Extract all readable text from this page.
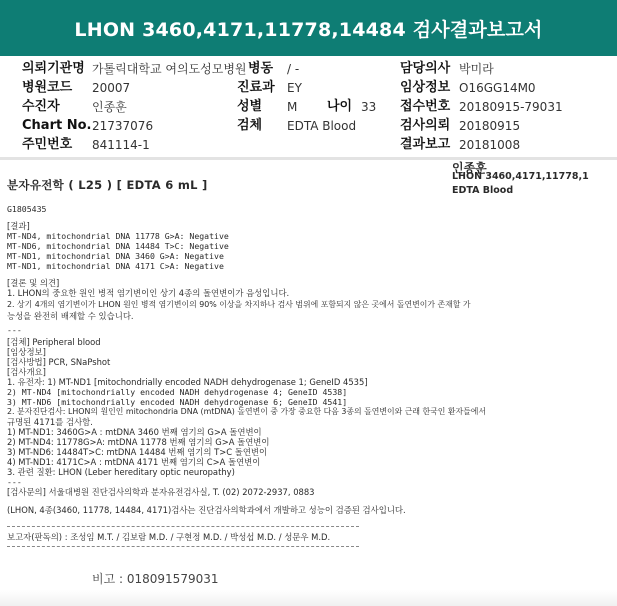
LHON 3460,4171,11778,14484 검사결과보고서
의뢰기관명 가톨릭대학교 여의도성모병원 병동 / -	담당의사 박미라
병원코드 20007	진료과 EY	임상정보 O16GG14M0
수진자	인종훈	성별 M 나이 33 접수번호 20180915-79031
Chart No. 21737076	검체 EDTA Blood	검사의뢰 20180915
주민번호 841114-1	결과보고 20181008
분자유전학 ( L25 ) [ EDTA 6 mL ]
인종훈
LHON 3460,4171,11778,1
EDTA Blood
G1805435
[결과]
MT-ND4, mitochondrial DNA 11778 G>A: Negative
MT-ND6, mitochondrial DNA 14484 T>C: Negative
MT-ND1, mitochondrial DNA 3460 G>A: Negative
MT-ND1, mitochondrial DNA 4171 C>A: Negative
[결론 및 의견]
1. LHON의 중요한 원인 병적 염기변이인 상기 4종의 돌연변이가 음성입니다.
2. 상기 4개의 염기변이가 LHON 원인 병적 염기변이의 90% 이상을 차지하나 검사 범위에 포함되지 않은 곳에서 돌연변이가 존재할 가
능성을 완전히 배제할 수 있습니다.
---
[검체] Peripheral blood
[임상정보]
[검사방법] PCR, SNaPshot
[검사개요]
1. 유전자: 1) MT-ND1 [mitochondrially encoded NADH dehydrogenase 1; GeneID 4535]
2) MT-ND4 [mitochondrially encoded NADH dehydrogenase 4; GeneID 4538]
3) MT-ND6 [mitochondrially encoded NADH dehydrogenase 6; GeneID 4541]
2. 분자진단검사: LHON의 원인인 mitochondria DNA (mtDNA) 돌연변이 중 가장 중요한 다음 3종의 돌연변이와 근래 한국인 환자들에서
규명된 4171를 검사함.
1) MT-ND1: 3460G>A : mtDNA 3460 번째 염기의 G>A 돌연변이
2) MT-ND4: 11778G>A: mtDNA 11778 번째 염기의 G>A 돌연변이
3) MT-ND6: 14484T>C: mtDNA 14484 번째 염기의 T>C 돌연변이
4) MT-ND1: 4171C>A : mtDNA 4171 번째 염기의 C>A 돌연변이
3. 관련 질환: LHON (Leber hereditary optic neuropathy)
---
[검사문의] 서울대병원 진단검사의학과 분자유전검사실, T. (02) 2072-2937, 0883
(LHON, 4종(3460, 11778, 14484, 4171)검사는 진단검사의학과에서 개발하고 성능이 검증된 검사입니다.
보고자(판독의) : 조성임 M.T. / 김보람 M.D. / 구현정 M.D. / 박성섭 M.D. / 성문우 M.D.
비고 : 018091579031
